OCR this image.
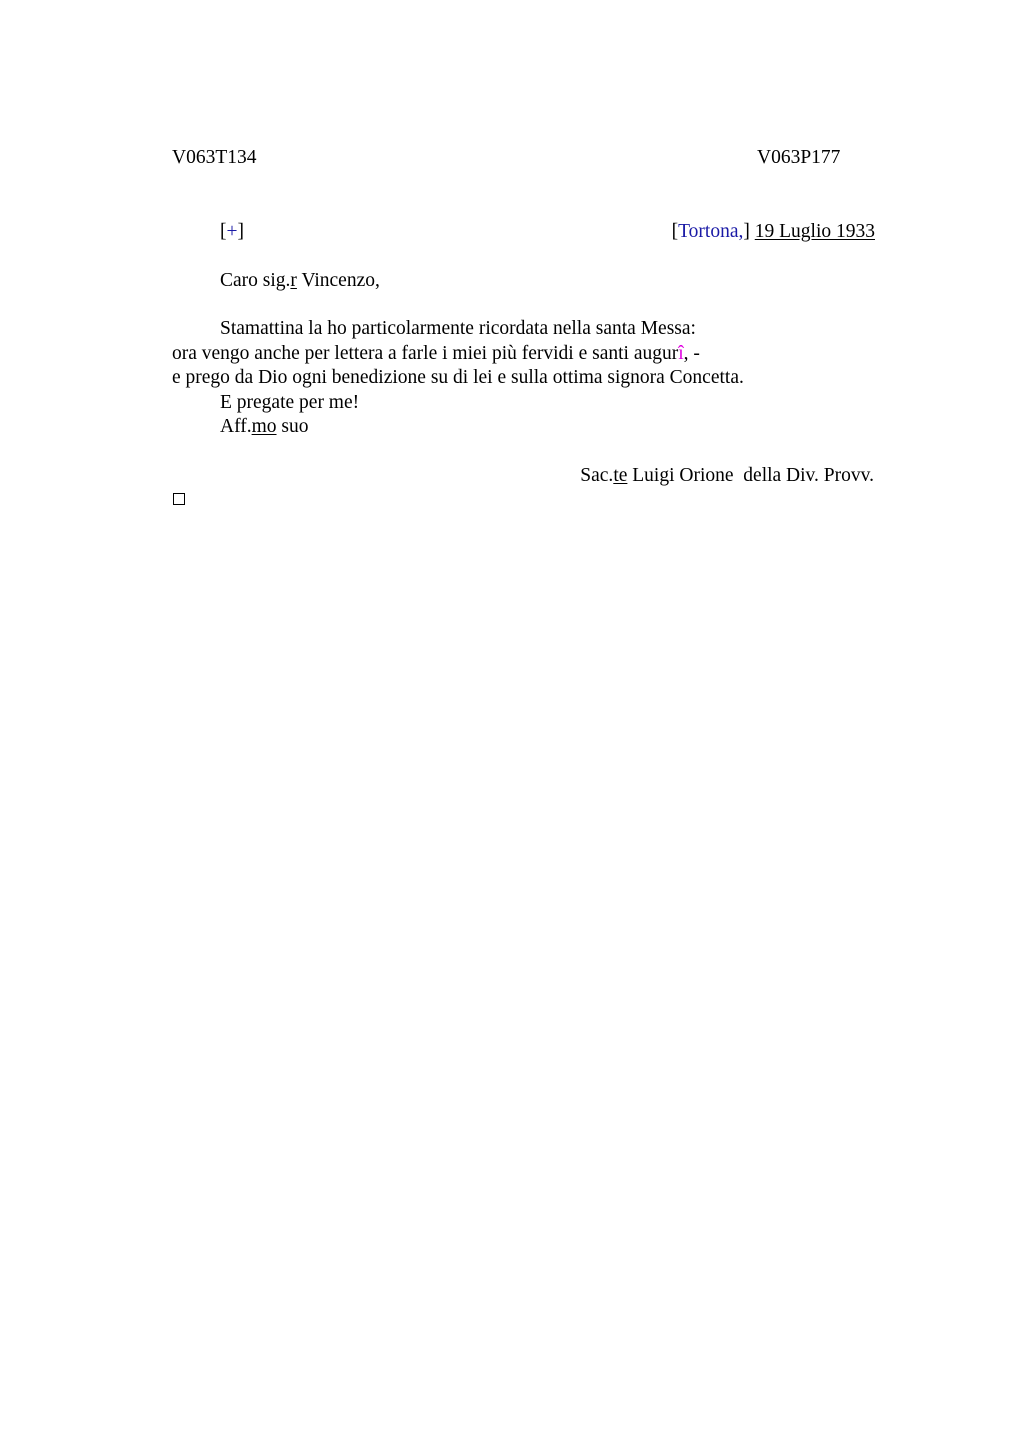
V063T134	V063P177
[+]	[Tortona,] 19 Luglio 1933
Caro sig.r Vincenzo,
Stamattina la ho particolarmente ricordata nella santa Messa:
ora vengo anche per lettera a farle i miei più fervidi e santi augurî, -
e prego da Dio ogni benedizione su di lei e sulla ottima signora Concetta.
E pregate per me!
Aff.mo suo
Sac.te Luigi Orione  della Div. Provv.
